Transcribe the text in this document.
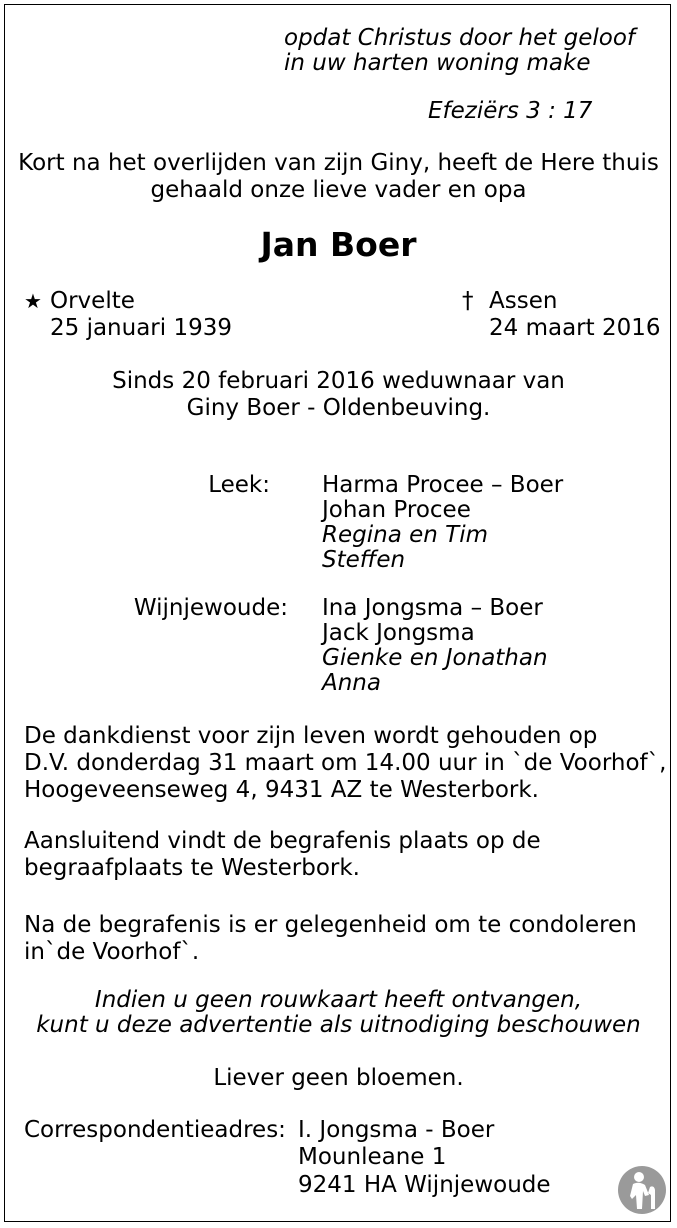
opdat Christus door het geloof
in uw harten woning make
Efeziërs 3 : 17
Kort na het overlijden van zijn Giny, heeft de Here thuis
gehaald onze lieve vader en opa
Jan Boer
★ Orvelte
25 januari 1939
† Assen
24 maart 2016
Sinds 20 februari 2016 weduwnaar van
Giny Boer - Oldenbeuving.
Leek: Harma Procee – Boer
Johan Procee
Regina en Tim
Steffen
Wijnjewoude: Ina Jongsma – Boer
Jack Jongsma
Gienke en Jonathan
Anna
De dankdienst voor zijn leven wordt gehouden op
D.V. donderdag 31 maart om 14.00 uur in `de Voorhof`,
Hoogeveenseweg 4, 9431 AZ te Westerbork.
Aansluitend vindt de begrafenis plaats op de
begraafplaats te Westerbork.
Na de begrafenis is er gelegenheid om te condoleren
in`de Voorhof`.
Indien u geen rouwkaart heeft ontvangen,
kunt u deze advertentie als uitnodiging beschouwen
Liever geen bloemen.
Correspondentieadres: I. Jongsma - Boer
Mounleane 1
9241 HA Wijnjewoude
